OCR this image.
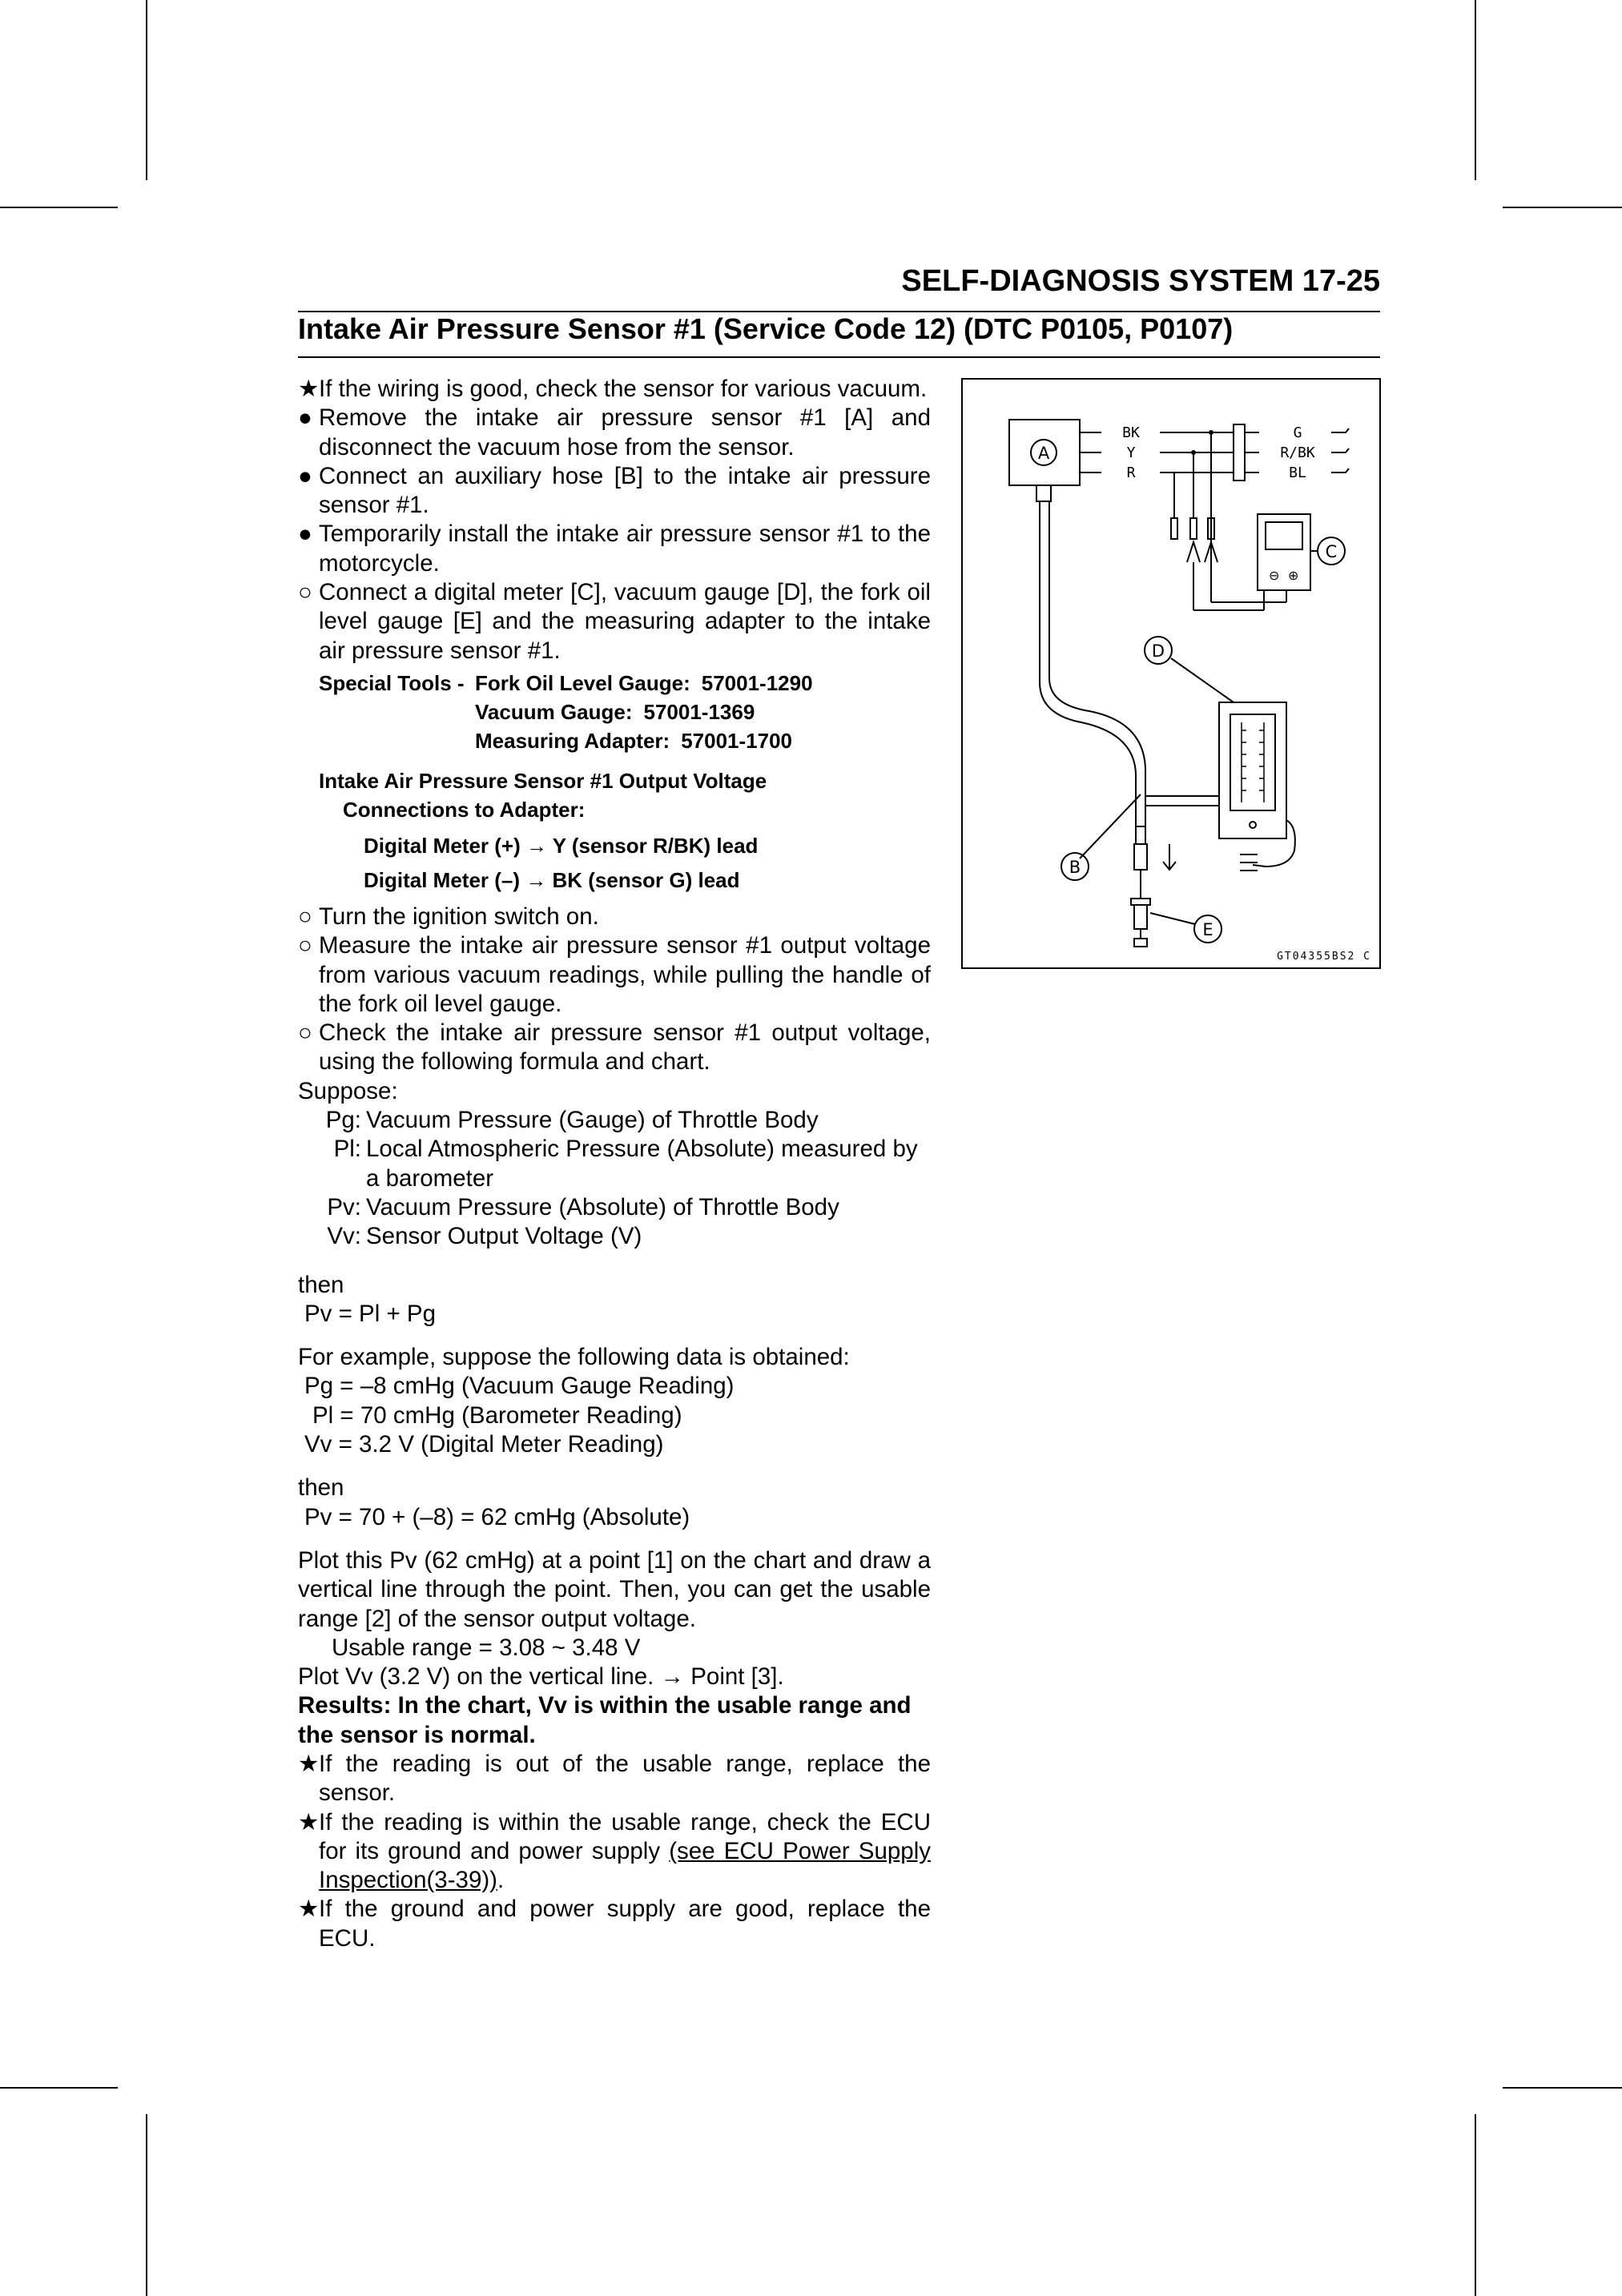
SELF-DIAGNOSIS SYSTEM 17-25
Intake Air Pressure Sensor #1 (Service Code 12) (DTC P0105, P0107)
★ If the wiring is good, check the sensor for various vacuum.
● Remove the intake air pressure sensor #1 [A] and disconnect the vacuum hose from the sensor.
● Connect an auxiliary hose [B] to the intake air pressure sensor #1.
● Temporarily install the intake air pressure sensor #1 to the motorcycle.
○ Connect a digital meter [C], vacuum gauge [D], the fork oil level gauge [E] and the measuring adapter to the intake air pressure sensor #1.
Special Tools - Fork Oil Level Gauge: 57001-1290
Vacuum Gauge: 57001-1369
Measuring Adapter: 57001-1700
Intake Air Pressure Sensor #1 Output Voltage
Connections to Adapter:
Digital Meter (+) → Y (sensor R/BK) lead
Digital Meter (–) → BK (sensor G) lead
○ Turn the ignition switch on.
○ Measure the intake air pressure sensor #1 output voltage from various vacuum readings, while pulling the handle of the fork oil level gauge.
○ Check the intake air pressure sensor #1 output voltage, using the following formula and chart.
Suppose:
Pg: Vacuum Pressure (Gauge) of Throttle Body
Pl: Local Atmospheric Pressure (Absolute) measured by a barometer
Pv: Vacuum Pressure (Absolute) of Throttle Body
Vv: Sensor Output Voltage (V)
then
Pv = Pl + Pg
For example, suppose the following data is obtained:
Pg = –8 cmHg (Vacuum Gauge Reading)
Pl = 70 cmHg (Barometer Reading)
Vv = 3.2 V (Digital Meter Reading)
then
Pv = 70 + (–8) = 62 cmHg (Absolute)
Plot this Pv (62 cmHg) at a point [1] on the chart and draw a vertical line through the point. Then, you can get the usable range [2] of the sensor output voltage.
Usable range = 3.08 ~ 3.48 V
Plot Vv (3.2 V) on the vertical line. → Point [3].
Results: In the chart, Vv is within the usable range and the sensor is normal.
★ If the reading is out of the usable range, replace the sensor.
★ If the reading is within the usable range, check the ECU for its ground and power supply (see ECU Power Supply Inspection(3-39)).
★ If the ground and power supply are good, replace the ECU.
A
BK
Y
R
G
R/BK
BL
⊖ ⊕
C
B
D
E
GT04355BS2 C
